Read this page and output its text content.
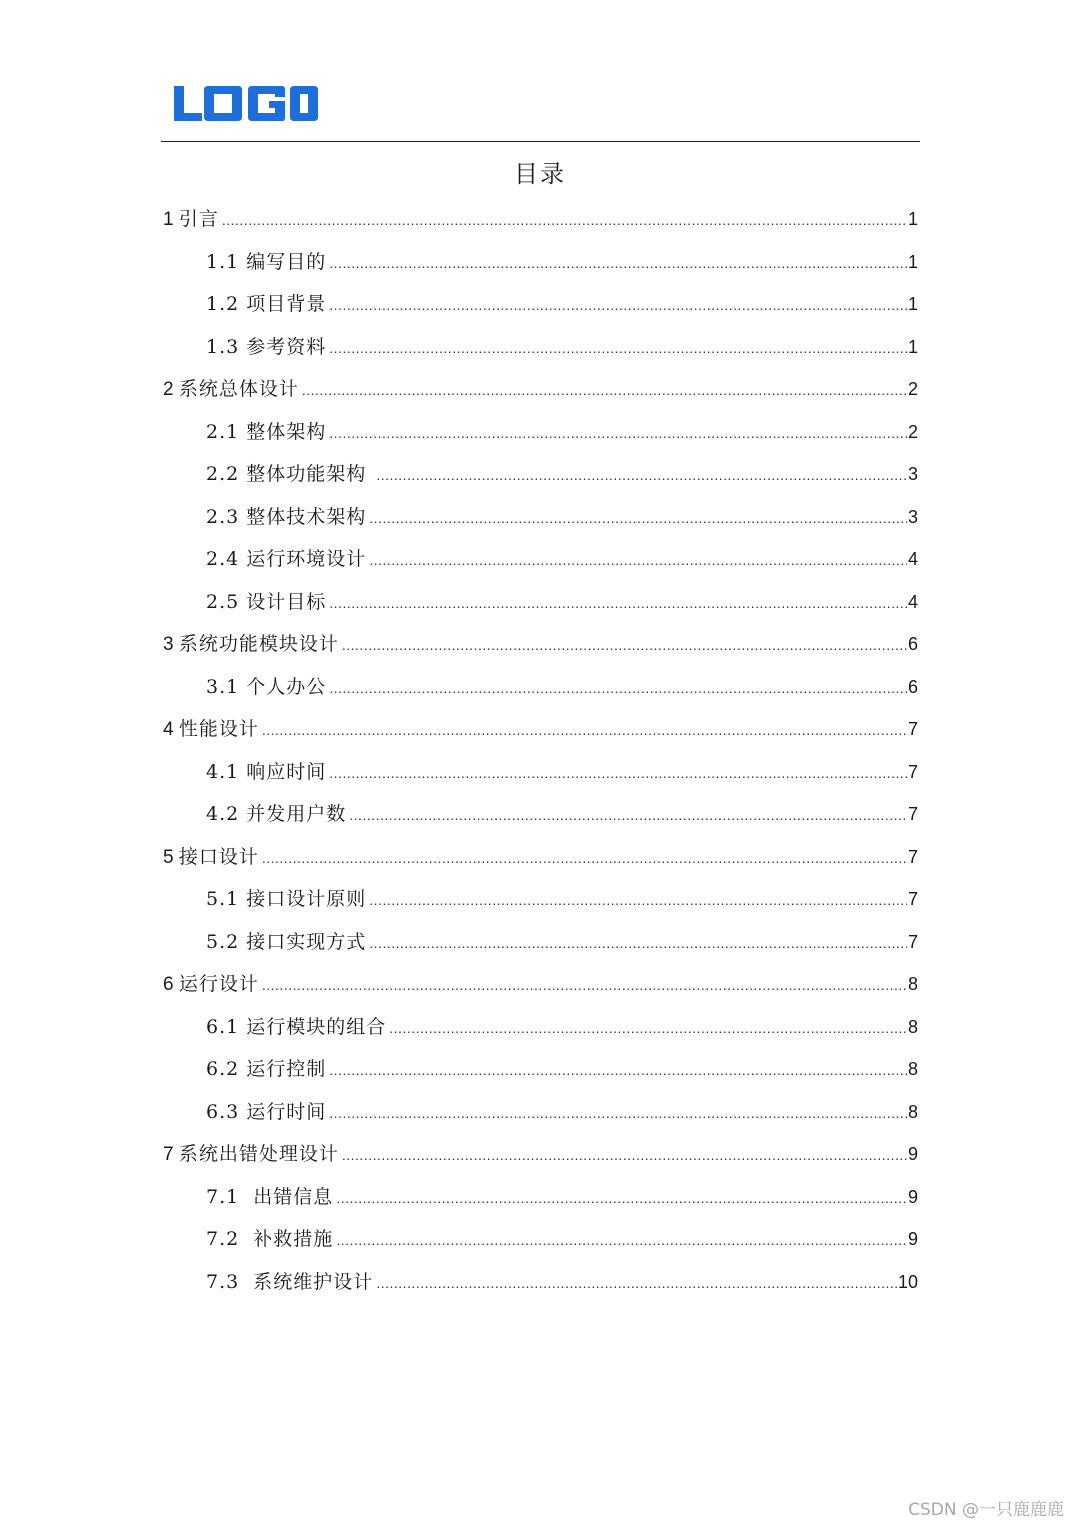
目录
1 引言 .....	1
1.1 编写目的 .....	1
1.2 项目背景 .....	1
1.3 参考资料 .....	1
2 系统总体设计 .....	2
2.1 整体架构 .....	2
2.2 整体功能架构 .....	3
2.3 整体技术架构 .....	3
2.4 运行环境设计 .....	4
2.5 设计目标 .....	4
3 系统功能模块设计 .....	6
3.1 个人办公 .....	6
4 性能设计 .....	7
4.1 响应时间 .....	7
4.2 并发用户数 .....	7
5 接口设计 .....	7
5.1 接口设计原则 .....	7
5.2 接口实现方式 .....	7
6 运行设计 .....	8
6.1 运行模块的组合 .....	8
6.2 运行控制 .....	8
6.3 运行时间 .....	8
7 系统出错处理设计 .....	9
7.1 出错信息 .....	9
7.2 补救措施 .....	9
7.3 系统维护设计 .....	10
CSDN @一只鹿鹿鹿
